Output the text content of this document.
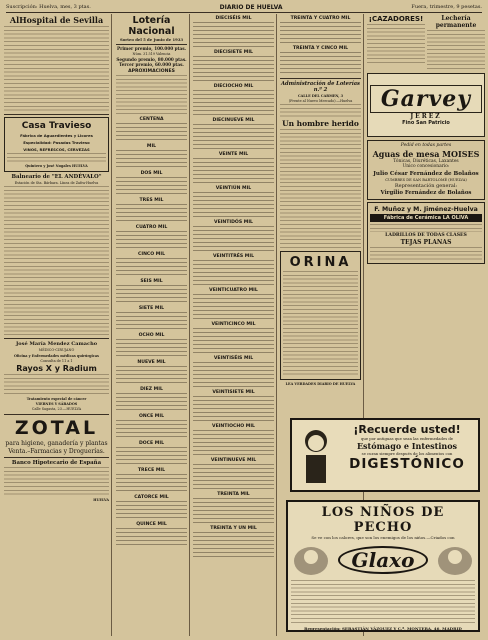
Suscripción: Huelva, mes, 3 ptas.	DIARIO DE HUELVA	Fuera, trimestre, 9 pesetas.
AlHospital de Sevilla
Casa Travieso
Fábrica de Aguardientes y Licores
Especialidad: Pasadas Travieso
VINOS, REFRESCOS, CERVEZAS
Quintero y José Nogales HUELVA
Balneario de "EL ANDÉVALO"
Estación de Sta. Bárbara. Línea de Zafra-Huelva
José María Mendez Camacho
MÉDICO-CIRUJANO
Oficina y Enfermedades médicas quirúrgicas
Consulta de 11 a 1
Rayos X y Radium
Tratamiento especial de cáncer
VIERNES Y SÁBADOS
Calle Sagasta, 23.—HUELVA
ZOTAL
para higiene, ganadería y plantas
Venta.–Farmacias y Droguerías.
Banco Hipotecario de España
HUELVA
Lotería Nacional
Sorteo del 5 de Junio de 1933
Primer premio, 100.000 ptas.
Núm. 31.519 Valencia
Segundo premio, 80.000 ptas.
Tercer premio, 60.000 ptas.
APROXIMACIONES
CENTENA
MIL
DOS MIL
TRES MIL
CUATRO MIL
CINCO MIL
SEIS MIL
SIETE MIL
OCHO MIL
NUEVE MIL
DIEZ MIL
ONCE MIL
DOCE MIL
TRECE MIL
CATORCE MIL
QUINCE MIL
DIECISÉIS MIL
DIECISIETE MIL
DIECIOCHO MIL
DIECINUEVE MIL
VEINTE MIL
VEINTIÚN MIL
VEINTIDÓS MIL
VEINTITRÉS MIL
VEINTICUATRO MIL
VEINTICINCO MIL
VEINTISÉIS MIL
VEINTISIETE MIL
VEINTIOCHO MIL
VEINTINUEVE MIL
TREINTA MIL
TREINTA Y UN MIL
TREINTA Y CUATRO MIL
TREINTA Y CINCO MIL
Administración de Loterías n.º 2
CALLE DEL CARMEN, 3
(Frente al Nuevo Mercado).—Huelva
Un hombre herido
ORINA
LEA VERDADES DIARIO DE HUELVA
¡CAZADORES!	Lechería permanente
Garvey
JEREZ
Fino San Patricio
Pedid en todas partes
Aguas de mesa MOISES
Tónicas, Diuréticas, Laxantes
Unico concesionario:
Julio César Fernández de Bolaños
CUMBRES DE SAN BARTOLOMÉ (HUELVA)
Representación general:
Virgilio Fernández de Bolaños
F. Muñoz y M. Jiménez-Huelva
Fábrica de Cerámica LA OLIVA
LADRILLOS DE TODAS CLASES
TEJAS PLANAS
¡Recuerde usted!
que por antiguas que sean las enfermedades de
Estómago e Intestinos
se curan siempre después de los alimentos con
DIGESTÓNICO
LOS NIÑOS DE PECHO
Se ve con los calores, que son los enemigos de los niños.—Criados con
Glaxo
Representación: SEBASTIÁN VÁZQUEZ Y C.ª, MONTERA, 46, MADRID
